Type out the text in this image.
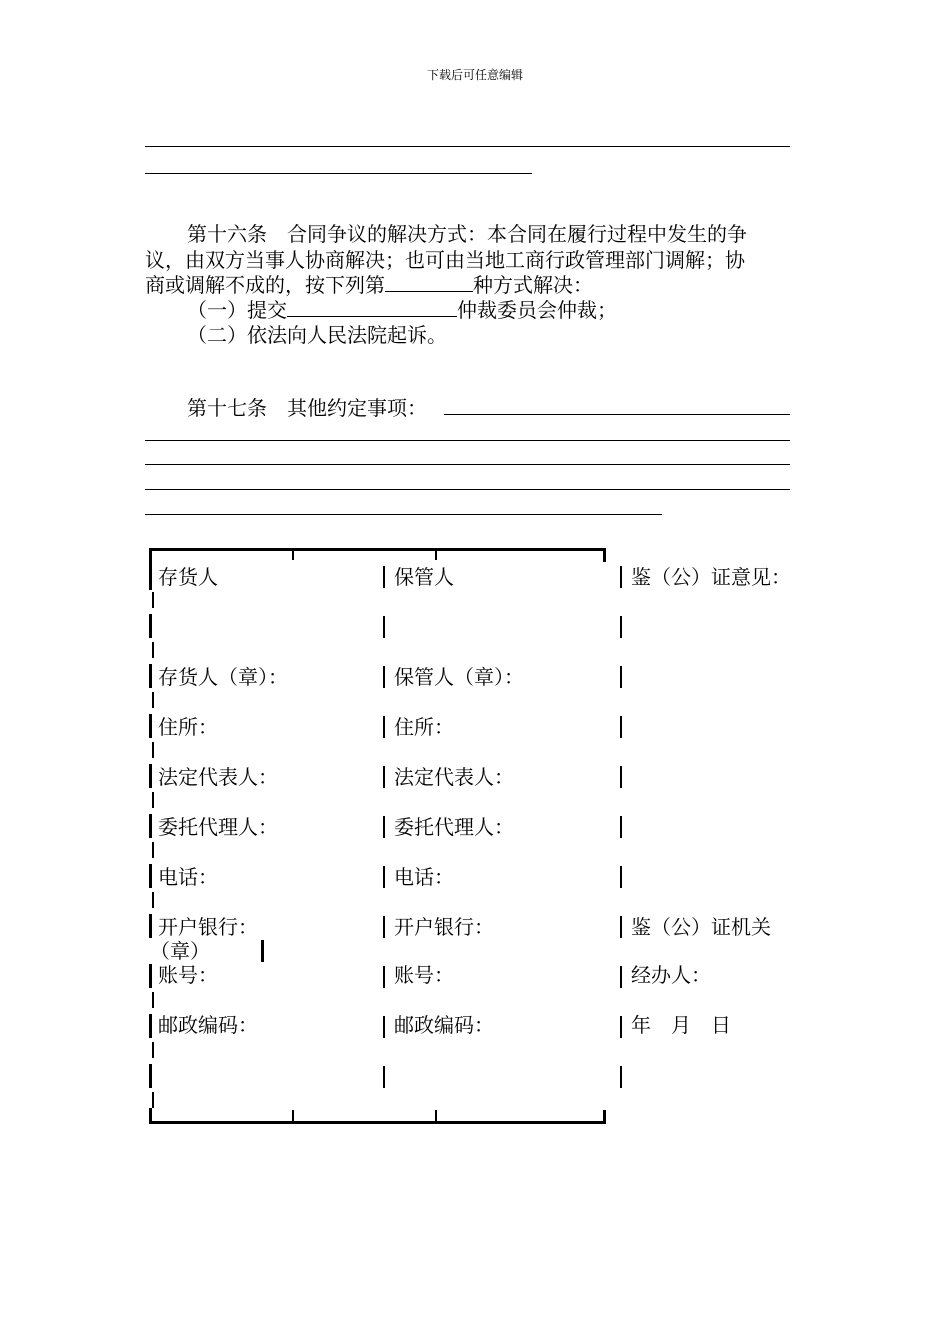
下载后可任意编辑
第十六条　合同争议的解决方式：本合同在履行过程中发生的争
议，由双方当事人协商解决；也可由当地工商行政管理部门调解；协
商或调解不成的，按下列第	种方式解决：
（一）提交	仲裁委员会仲裁；
（二）依法向人民法院起诉。
第十七条　其他约定事项：
存货人
存货人（章）：
住所：
法定代表人：
委托代理人：
电话：
开户银行：
（章）
账号：
邮政编码：
保管人
保管人（章）：
住所：
法定代表人：
委托代理人：
电话：
开户银行：
账号：
邮政编码：
鉴（公）证意见：
鉴（公）证机关
经办人：
年　月　日
